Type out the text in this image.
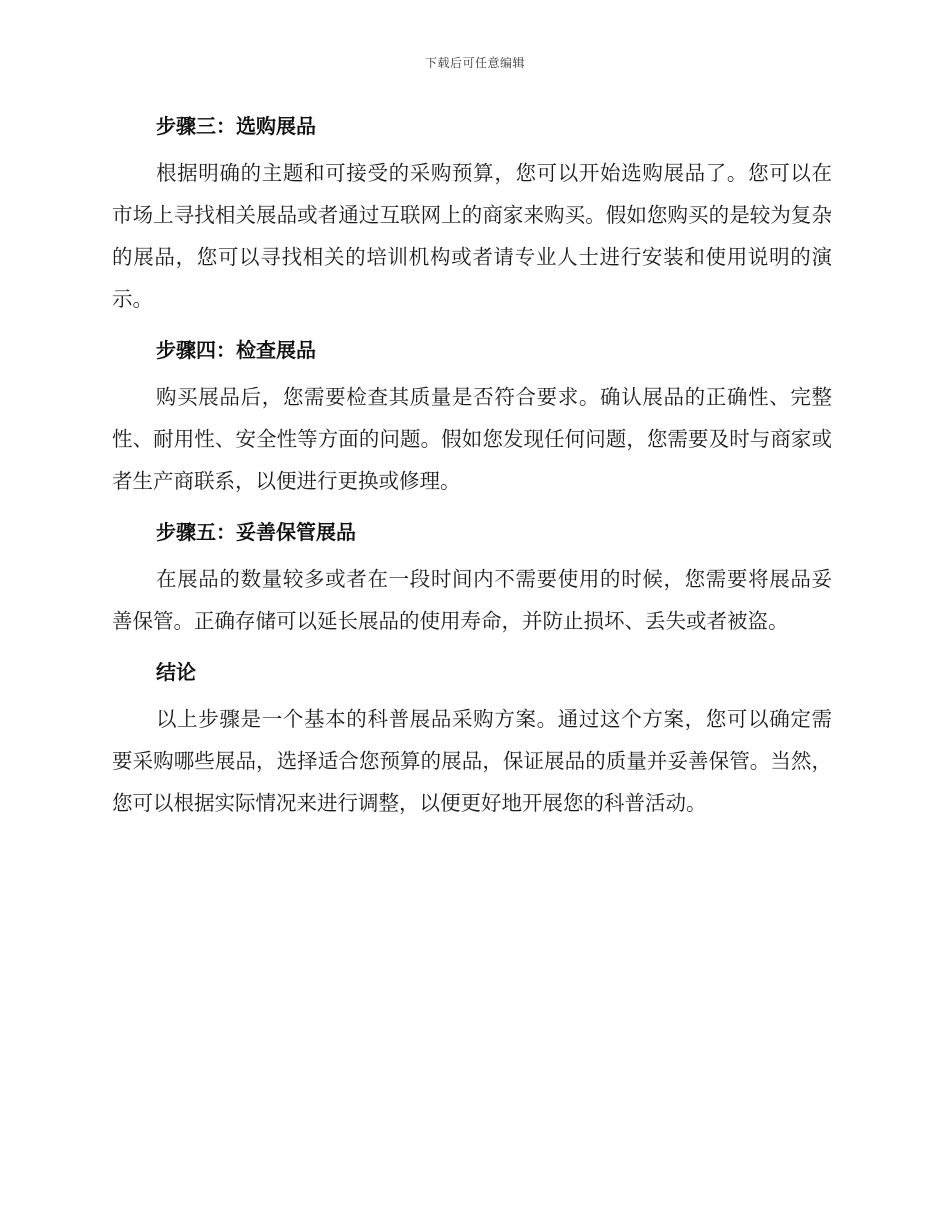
下载后可任意编辑
步骤三：选购展品

根据明确的主题和可接受的采购预算，您可以开始选购展品了。您可以在市场上寻找相关展品或者通过互联网上的商家来购买。假如您购买的是较为复杂的展品，您可以寻找相关的培训机构或者请专业人士进行安装和使用说明的演示。

步骤四：检查展品

购买展品后，您需要检查其质量是否符合要求。确认展品的正确性、完整性、耐用性、安全性等方面的问题。假如您发现任何问题，您需要及时与商家或者生产商联系，以便进行更换或修理。

步骤五：妥善保管展品

在展品的数量较多或者在一段时间内不需要使用的时候，您需要将展品妥善保管。正确存储可以延长展品的使用寿命，并防止损坏、丢失或者被盗。

结论

以上步骤是一个基本的科普展品采购方案。通过这个方案，您可以确定需要采购哪些展品，选择适合您预算的展品，保证展品的质量并妥善保管。当然，您可以根据实际情况来进行调整，以便更好地开展您的科普活动。
